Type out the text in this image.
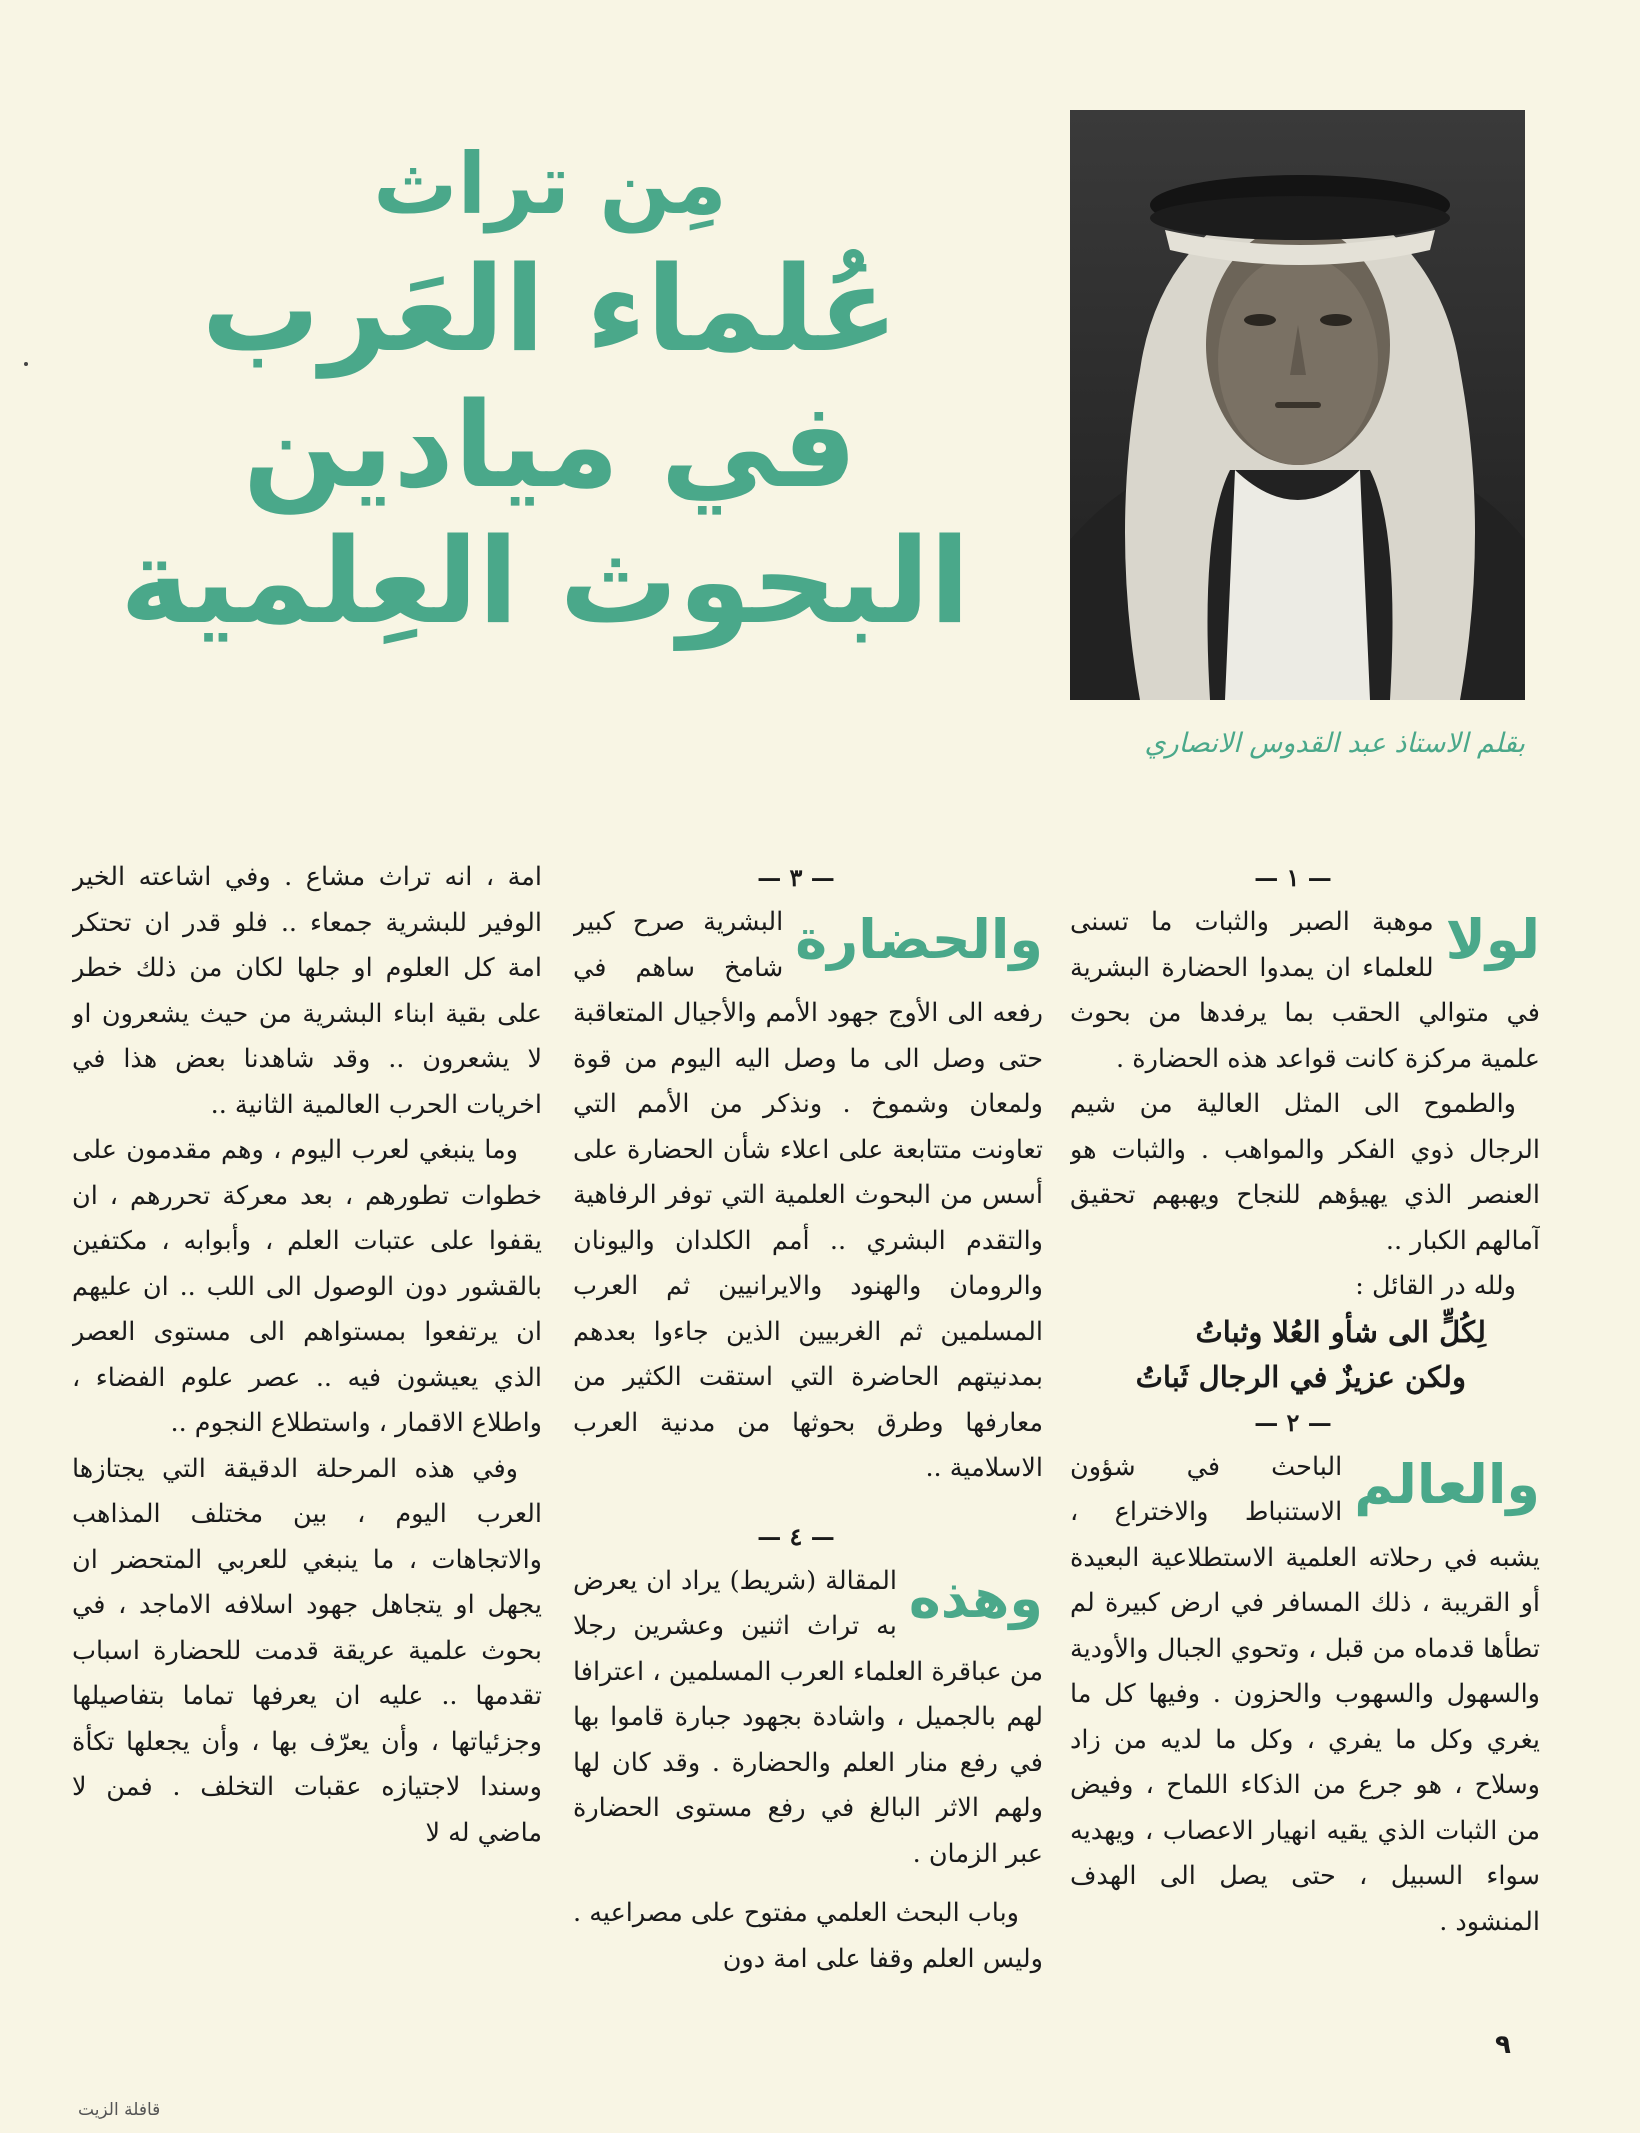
مِن تراث
عُلماء العَرب
في ميادين
البحوث العِلمية
بقلم الاستاذ عبد القدوس الانصاري

— ١ —

لولا
موهبة الصبر والثبات ما تسنى للعلماء ان يمدوا الحضارة البشرية في متوالي الحقب بما يرفدها من بحوث علمية مركزة كانت قواعد هذه الحضارة .

والطموح الى المثل العالية من شيم الرجال ذوي الفكر والمواهب . والثبات هو العنصر الذي يهيؤهم للنجاح ويهبهم تحقيق آمالهم الكبار ..

ولله در القائل :

لِكُلٍّ الى شأو العُلا وثباتُ

ولكن عزيزٌ في الرجال ثَباتُ

— ٢ —

والعالم
الباحث في شؤون الاستنباط والاختراع ، يشبه في رحلاته العلمية الاستطلاعية البعيدة أو القريبة ، ذلك المسافر في ارض كبيرة لم تطأها قدماه من قبل ، وتحوي الجبال والأودية والسهول والسهوب والحزون . وفيها كل ما يغري وكل ما يفري ، وكل ما لديه من زاد وسلاح ، هو جرع من الذكاء اللماح ، وفيض من الثبات الذي يقيه انهيار الاعصاب ، ويهديه سواء السبيل ، حتى يصل الى الهدف المنشود .

— ٣ —

والحضارة
البشرية صرح كبير شامخ ساهم في رفعه الى الأوج جهود الأمم والأجيال المتعاقبة حتى وصل الى ما وصل اليه اليوم من قوة ولمعان وشموخ . ونذكر من الأمم التي تعاونت متتابعة على اعلاء شأن الحضارة على أسس من البحوث العلمية التي توفر الرفاهية والتقدم البشري .. أمم الكلدان واليونان والرومان والهنود والايرانيين ثم العرب المسلمين ثم الغربيين الذين جاءوا بعدهم بمدنيتهم الحاضرة التي استقت الكثير من معارفها وطرق بحوثها من مدنية العرب الاسلامية ..

— ٤ —

وهذه
المقالة (شريط) يراد ان يعرض به تراث اثنين وعشرين رجلا من عباقرة العلماء العرب المسلمين ، اعترافا لهم بالجميل ، واشادة بجهود جبارة قاموا بها في رفع منار العلم والحضارة . وقد كان لها ولهم الاثر البالغ في رفع مستوى الحضارة عبر الزمان .

وباب البحث العلمي مفتوح على مصراعيه . وليس العلم وقفا على امة دون

امة ، انه تراث مشاع . وفي اشاعته الخير الوفير للبشرية جمعاء .. فلو قدر ان تحتكر امة كل العلوم او جلها لكان من ذلك خطر على بقية ابناء البشرية من حيث يشعرون او لا يشعرون .. وقد شاهدنا بعض هذا في اخريات الحرب العالمية الثانية ..

وما ينبغي لعرب اليوم ، وهم مقدمون على خطوات تطورهم ، بعد معركة تحررهم ، ان يقفوا على عتبات العلم ، وأبوابه ، مكتفين بالقشور دون الوصول الى اللب .. ان عليهم ان يرتفعوا بمستواهم الى مستوى العصر الذي يعيشون فيه .. عصر علوم الفضاء ، واطلاع الاقمار ، واستطلاع النجوم ..

وفي هذه المرحلة الدقيقة التي يجتازها العرب اليوم ، بين مختلف المذاهب والاتجاهات ، ما ينبغي للعربي المتحضر ان يجهل او يتجاهل جهود اسلافه الاماجد ، في بحوث علمية عريقة قدمت للحضارة اسباب تقدمها .. عليه ان يعرفها تماما بتفاصيلها وجزئياتها ، وأن يعرّف بها ، وأن يجعلها تكأة وسندا لاجتيازه عقبات التخلف . فمن لا ماضي له لا

٩
قافلة الزيت
